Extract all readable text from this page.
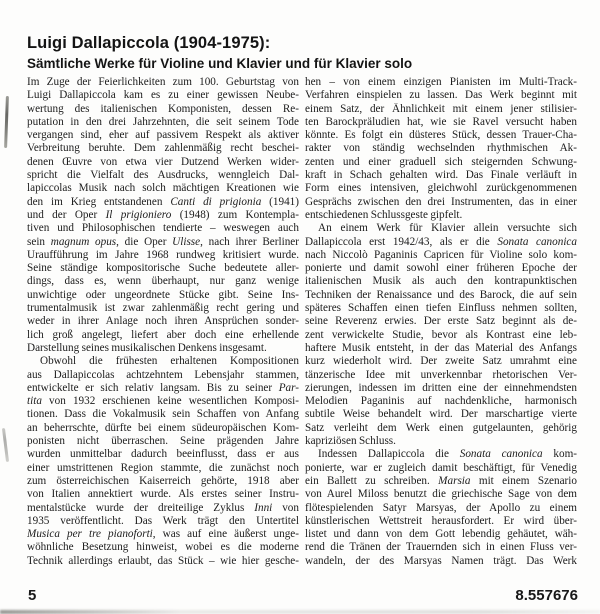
Luigi Dallapiccola (1904-1975):
Sämtliche Werke für Violine und Klavier und für Klavier solo
Im Zuge der Feierlichkeiten zum 100. Geburtstag von
Luigi Dallapiccola kam es zu einer gewissen Neube-
wertung des italienischen Komponisten, dessen Re-
putation in den drei Jahrzehnten, die seit seinem Tode
vergangen sind, eher auf passivem Respekt als aktiver
Verbreitung beruhte. Dem zahlenmäßig recht beschei-
denen Œuvre von etwa vier Dutzend Werken wider-
spricht die Vielfalt des Ausdrucks, wenngleich Dal-
lapiccolas Musik nach solch mächtigen Kreationen wie
den im Krieg entstandenen Canti di prigionia (1941)
und der Oper Il prigioniero (1948) zum Kontempla-
tiven und Philosophischen tendierte – weswegen auch
sein magnum opus, die Oper Ulisse, nach ihrer Berliner
Uraufführung im Jahre 1968 rundweg kritisiert wurde.
Seine ständige kompositorische Suche bedeutete aller-
dings, dass es, wenn überhaupt, nur ganz wenige
unwichtige oder ungeordnete Stücke gibt. Seine Ins-
trumentalmusik ist zwar zahlenmäßig recht gering und
weder in ihrer Anlage noch ihren Ansprüchen sonder-
lich groß angelegt, liefert aber doch eine erhellende
Darstellung seines musikalischen Denkens insgesamt.
Obwohl die frühesten erhaltenen Kompositionen
aus Dallapiccolas achtzehntem Lebensjahr stammen,
entwickelte er sich relativ langsam. Bis zu seiner Par-
tita von 1932 erschienen keine wesentlichen Komposi-
tionen. Dass die Vokalmusik sein Schaffen von Anfang
an beherrschte, dürfte bei einem südeuropäischen Kom-
ponisten nicht überraschen. Seine prägenden Jahre
wurden unmittelbar dadurch beeinflusst, dass er aus
einer umstrittenen Region stammte, die zunächst noch
zum österreichischen Kaiserreich gehörte, 1918 aber
von Italien annektiert wurde. Als erstes seiner Instru-
mentalstücke wurde der dreiteilige Zyklus Inni von
1935 veröffentlicht. Das Werk trägt den Untertitel
Musica per tre pianoforti, was auf eine äußerst unge-
wöhnliche Besetzung hinweist, wobei es die moderne
Technik allerdings erlaubt, das Stück – wie hier gesche-
hen – von einem einzigen Pianisten im Multi-Track-
Verfahren einspielen zu lassen. Das Werk beginnt mit
einem Satz, der Ähnlichkeit mit einem jener stilisier-
ten Barockpräludien hat, wie sie Ravel versucht haben
könnte. Es folgt ein düsteres Stück, dessen Trauer-Cha-
rakter von ständig wechselnden rhythmischen Ak-
zenten und einer graduell sich steigernden Schwung-
kraft in Schach gehalten wird. Das Finale verläuft in
Form eines intensiven, gleichwohl zurückgenommenen
Gesprächs zwischen den drei Instrumenten, das in einer
entschiedenen Schlussgeste gipfelt.
An einem Werk für Klavier allein versuchte sich
Dallapiccola erst 1942/43, als er die Sonata canonica
nach Niccolò Paganinis Capricen für Violine solo kom-
ponierte und damit sowohl einer früheren Epoche der
italienischen Musik als auch den kontrapunktischen
Techniken der Renaissance und des Barock, die auf sein
späteres Schaffen einen tiefen Einfluss nehmen sollten,
seine Reverenz erwies. Der erste Satz beginnt als de-
zent verwickelte Studie, bevor als Kontrast eine leb-
haftere Musik entsteht, in der das Material des Anfangs
kurz wiederholt wird. Der zweite Satz umrahmt eine
tänzerische Idee mit unverkennbar rhetorischen Ver-
zierungen, indessen im dritten eine der einnehmendsten
Melodien Paganinis auf nachdenkliche, harmonisch
subtile Weise behandelt wird. Der marschartige vierte
Satz verleiht dem Werk einen gutgelaunten, gehörig
kapriziösen Schluss.
Indessen Dallapiccola die Sonata canonica kom-
ponierte, war er zugleich damit beschäftigt, für Venedig
ein Ballett zu schreiben. Marsia mit einem Szenario
von Aurel Miloss benutzt die griechische Sage von dem
flötespielenden Satyr Marsyas, der Apollo zu einem
künstlerischen Wettstreit herausfordert. Er wird über-
listet und dann von dem Gott lebendig gehäutet, wäh-
rend die Tränen der Trauernden sich in einen Fluss ver-
wandeln, der des Marsyas Namen trägt. Das Werk
5	8.557676
